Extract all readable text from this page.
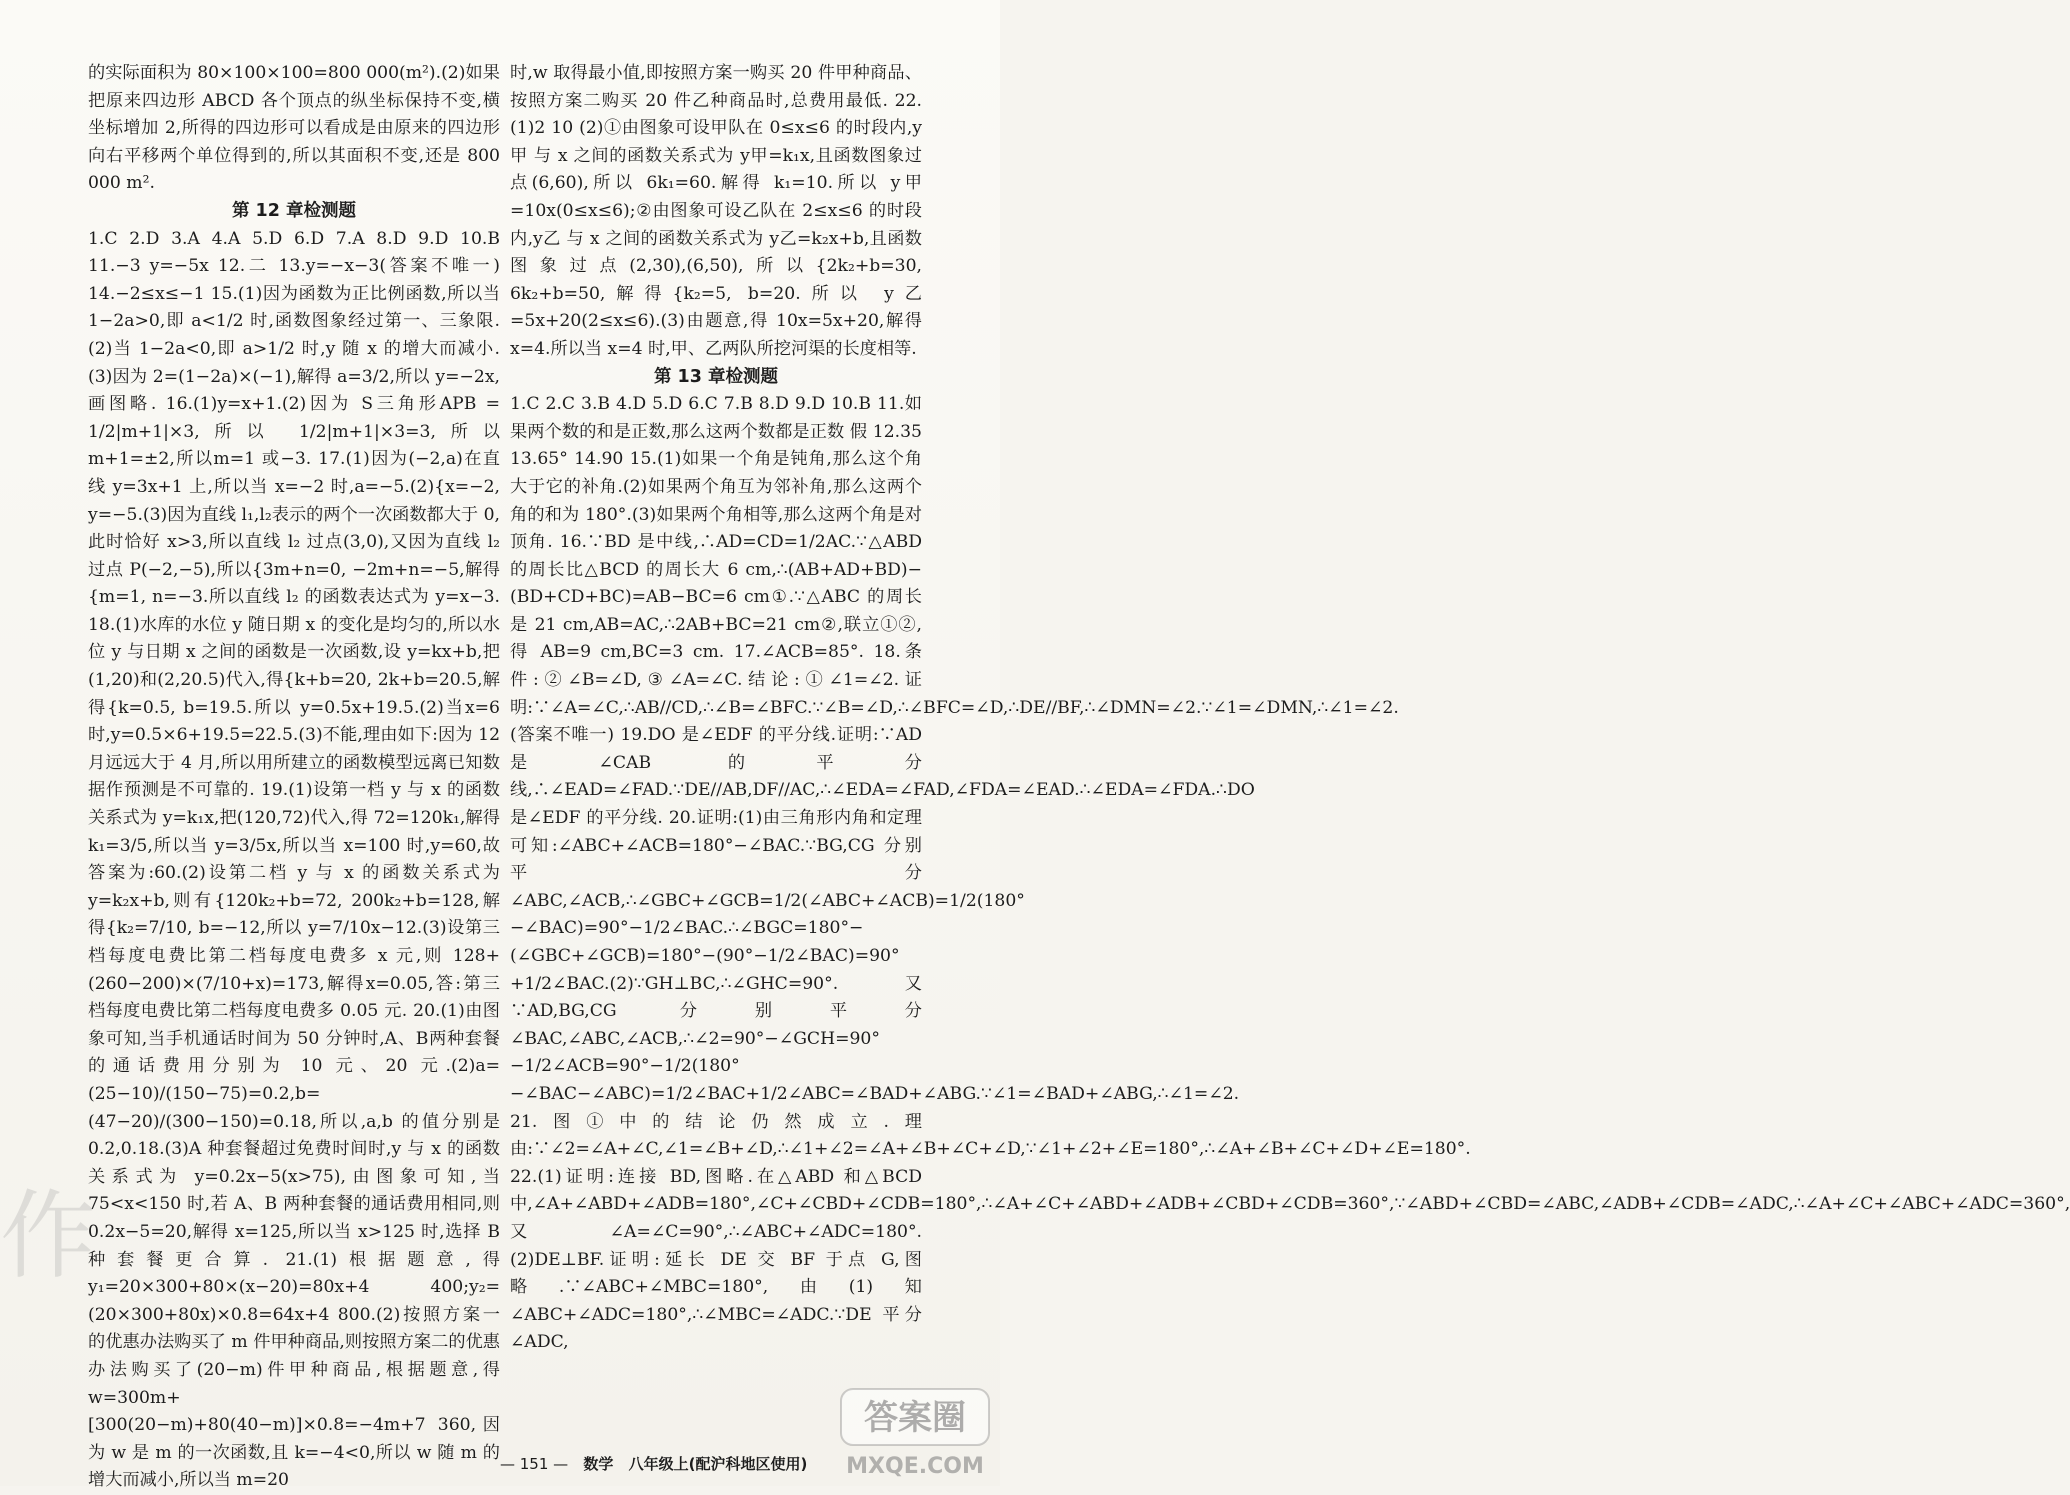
的实际面积为 80×100×100=800 000(m²).(2)如果把原来四边形 ABCD 各个顶点的纵坐标保持不变,横坐标增加 2,所得的四边形可以看成是由原来的四边形向右平移两个单位得到的,所以其面积不变,还是 800 000 m².

第 12 章检测题

1.C 2.D 3.A 4.A 5.D 6.D 7.A 8.D 9.D 10.B 11.−3 y=−5x 12.二 13.y=−x−3(答案不唯一) 14.−2≤x≤−1 15.(1)因为函数为正比例函数,所以当 1−2a>0,即 a<1/2 时,函数图象经过第一、三象限.(2)当 1−2a<0,即 a>1/2 时,y 随 x 的增大而减小.(3)因为 2=(1−2a)×(−1),解得 a=3/2,所以 y=−2x,画图略. 16.(1)y=x+1.(2)因为 S三角形APB = 1/2|m+1|×3,所以 1/2|m+1|×3=3,所以 m+1=±2,所以m=1 或−3. 17.(1)因为(−2,a)在直线 y=3x+1 上,所以当 x=−2 时,a=−5.(2){x=−2, y=−5.(3)因为直线 l₁,l₂表示的两个一次函数都大于 0,此时恰好 x>3,所以直线 l₂ 过点(3,0),又因为直线 l₂ 过点 P(−2,−5),所以{3m+n=0, −2m+n=−5,解得{m=1, n=−3.所以直线 l₂ 的函数表达式为 y=x−3. 18.(1)水库的水位 y 随日期 x 的变化是均匀的,所以水位 y 与日期 x 之间的函数是一次函数,设 y=kx+b,把(1,20)和(2,20.5)代入,得{k+b=20, 2k+b=20.5,解得{k=0.5, b=19.5.所以 y=0.5x+19.5.(2)当x=6 时,y=0.5×6+19.5=22.5.(3)不能,理由如下:因为 12 月远远大于 4 月,所以用所建立的函数模型远离已知数据作预测是不可靠的. 19.(1)设第一档 y 与 x 的函数关系式为 y=k₁x,把(120,72)代入,得 72=120k₁,解得 k₁=3/5,所以当 y=3/5x,所以当 x=100 时,y=60,故答案为:60.(2)设第二档 y 与 x 的函数关系式为 y=k₂x+b,则有{120k₂+b=72, 200k₂+b=128,解得{k₂=7/10, b=−12,所以 y=7/10x−12.(3)设第三档每度电费比第二档每度电费多 x 元,则 128+(260−200)×(7/10+x)=173,解得x=0.05,答:第三档每度电费比第二档每度电费多 0.05 元. 20.(1)由图象可知,当手机通话时间为 50 分钟时,A、B两种套餐的通话费用分别为 10 元、20 元.(2)a=(25−10)/(150−75)=0.2,b=(47−20)/(300−150)=0.18,所以,a,b 的值分别是 0.2,0.18.(3)A 种套餐超过免费时间时,y 与 x 的函数关系式为 y=0.2x−5(x>75),由图象可知,当 75<x<150 时,若 A、B 两种套餐的通话费用相同,则 0.2x−5=20,解得 x=125,所以当 x>125 时,选择 B 种套餐更合算. 21.(1)根据题意,得 y₁=20×300+80×(x−20)=80x+4 400;y₂=(20×300+80x)×0.8=64x+4 800.(2)按照方案一的优惠办法购买了 m 件甲种商品,则按照方案二的优惠办法购买了(20−m)件甲种商品,根据题意,得 w=300m+[300(20−m)+80(40−m)]×0.8=−4m+7 360,因为 w 是 m 的一次函数,且 k=−4<0,所以 w 随 m 的增大而减小,所以当 m=20

时,w 取得最小值,即按照方案一购买 20 件甲种商品、按照方案二购买 20 件乙种商品时,总费用最低. 22.(1)2 10 (2)①由图象可设甲队在 0≤x≤6 的时段内,y甲 与 x 之间的函数关系式为 y甲=k₁x,且函数图象过点(6,60),所以 6k₁=60.解得 k₁=10.所以 y甲=10x(0≤x≤6);②由图象可设乙队在 2≤x≤6 的时段内,y乙 与 x 之间的函数关系式为 y乙=k₂x+b,且函数图象过点(2,30),(6,50),所以{2k₂+b=30, 6k₂+b=50,解得{k₂=5, b=20.所以 y乙=5x+20(2≤x≤6).(3)由题意,得 10x=5x+20,解得 x=4.所以当 x=4 时,甲、乙两队所挖河渠的长度相等.

第 13 章检测题

1.C 2.C 3.B 4.D 5.D 6.C 7.B 8.D 9.D 10.B 11.如果两个数的和是正数,那么这两个数都是正数 假 12.35 13.65° 14.90 15.(1)如果一个角是钝角,那么这个角大于它的补角.(2)如果两个角互为邻补角,那么这两个角的和为 180°.(3)如果两个角相等,那么这两个角是对顶角. 16.∵BD 是中线,∴AD=CD=1/2AC.∵△ABD 的周长比△BCD 的周长大 6 cm,∴(AB+AD+BD)−(BD+CD+BC)=AB−BC=6 cm①.∵△ABC 的周长是 21 cm,AB=AC,∴2AB+BC=21 cm②,联立①②,得 AB=9 cm,BC=3 cm. 17.∠ACB=85°. 18.条件:②∠B=∠D,③∠A=∠C.结论:①∠1=∠2.证明:∵∠A=∠C,∴AB//CD,∴∠B=∠BFC.∵∠B=∠D,∴∠BFC=∠D,∴DE//BF,∴∠DMN=∠2.∵∠1=∠DMN,∴∠1=∠2.(答案不唯一) 19.DO 是∠EDF 的平分线.证明:∵AD 是∠CAB 的平分线,∴∠EAD=∠FAD.∵DE//AB,DF//AC,∴∠EDA=∠FAD,∠FDA=∠EAD.∴∠EDA=∠FDA.∴DO 是∠EDF 的平分线. 20.证明:(1)由三角形内角和定理可知:∠ABC+∠ACB=180°−∠BAC.∵BG,CG 分别平分∠ABC,∠ACB,∴∠GBC+∠GCB=1/2(∠ABC+∠ACB)=1/2(180°−∠BAC)=90°−1/2∠BAC.∴∠BGC=180°−(∠GBC+∠GCB)=180°−(90°−1/2∠BAC)=90°+1/2∠BAC.(2)∵GH⊥BC,∴∠GHC=90°.又∵AD,BG,CG 分别平分∠BAC,∠ABC,∠ACB,∴∠2=90°−∠GCH=90°−1/2∠ACB=90°−1/2(180°−∠BAC−∠ABC)=1/2∠BAC+1/2∠ABC=∠BAD+∠ABG.∵∠1=∠BAD+∠ABG,∴∠1=∠2. 21.图①中的结论仍然成立.理由:∵∠2=∠A+∠C,∠1=∠B+∠D,∴∠1+∠2=∠A+∠B+∠C+∠D,∵∠1+∠2+∠E=180°,∴∠A+∠B+∠C+∠D+∠E=180°. 22.(1)证明:连接 BD,图略.在△ABD 和△BCD 中,∠A+∠ABD+∠ADB=180°,∠C+∠CBD+∠CDB=180°,∴∠A+∠C+∠ABD+∠ADB+∠CBD+∠CDB=360°,∵∠ABD+∠CBD=∠ABC,∠ADB+∠CDB=∠ADC,∴∠A+∠C+∠ABC+∠ADC=360°,又∠A=∠C=90°,∴∠ABC+∠ADC=180°.(2)DE⊥BF.证明:延长 DE 交 BF 于点 G,图略.∵∠ABC+∠MBC=180°,由(1)知∠ABC+∠ADC=180°,∴∠MBC=∠ADC.∵DE 平分∠ADC,

— 151 — 数学 八年级上(配沪科地区使用)
作
答案圈
MXQE.COM
